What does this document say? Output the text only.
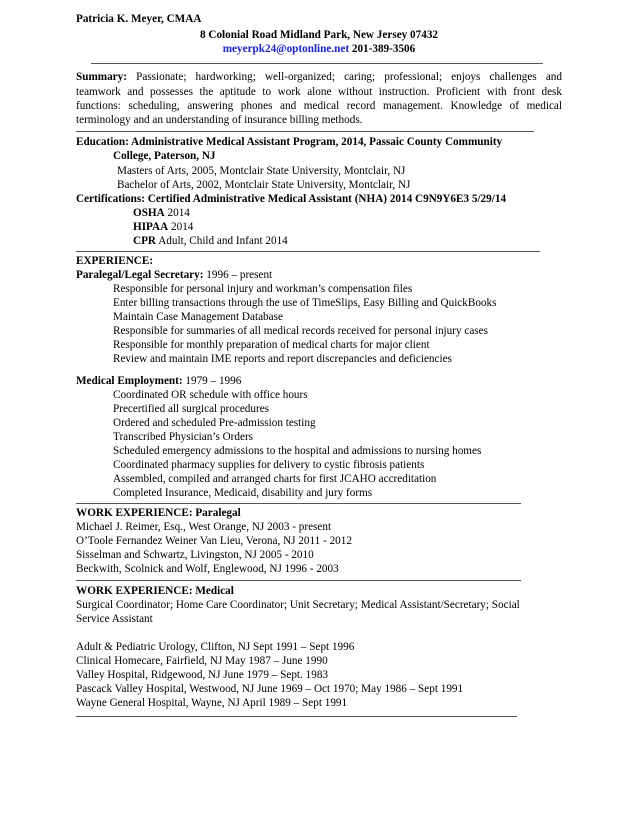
Patricia K. Meyer, CMAA
8 Colonial Road Midland Park, New Jersey 07432
meyerpk24@optonline.net 201-389-3506
Summary: Passionate; hardworking; well-organized; caring; professional; enjoys challenges and
teamwork and possesses the aptitude to work alone without instruction. Proficient with front desk
functions: scheduling, answering phones and medical record management. Knowledge of medical
terminology and an understanding of insurance billing methods.
Education: Administrative Medical Assistant Program, 2014, Passaic County Community
College, Paterson, NJ
Masters of Arts, 2005, Montclair State University, Montclair, NJ
Bachelor of Arts, 2002, Montclair State University, Montclair, NJ
Certifications: Certified Administrative Medical Assistant (NHA) 2014 C9N9Y6E3 5/29/14
OSHA 2014
HIPAA 2014
CPR Adult, Child and Infant 2014
EXPERIENCE:
Paralegal/Legal Secretary: 1996 – present
Responsible for personal injury and workman’s compensation files
Enter billing transactions through the use of TimeSlips, Easy Billing and QuickBooks
Maintain Case Management Database
Responsible for summaries of all medical records received for personal injury cases
Responsible for monthly preparation of medical charts for major client
Review and maintain IME reports and report discrepancies and deficiencies
Medical Employment: 1979 – 1996
Coordinated OR schedule with office hours
Precertified all surgical procedures
Ordered and scheduled Pre-admission testing
Transcribed Physician’s Orders
Scheduled emergency admissions to the hospital and admissions to nursing homes
Coordinated pharmacy supplies for delivery to cystic fibrosis patients
Assembled, compiled and arranged charts for first JCAHO accreditation
Completed Insurance, Medicaid, disability and jury forms
WORK EXPERIENCE: Paralegal
Michael J. Reimer, Esq., West Orange, NJ 2003 - present
O’Toole Fernandez Weiner Van Lieu, Verona, NJ 2011 - 2012
Sisselman and Schwartz, Livingston, NJ 2005 - 2010
Beckwith, Scolnick and Wolf, Englewood, NJ 1996 - 2003
WORK EXPERIENCE: Medical
Surgical Coordinator; Home Care Coordinator; Unit Secretary; Medical Assistant/Secretary; Social
Service Assistant
Adult & Pediatric Urology, Clifton, NJ Sept 1991 – Sept 1996
Clinical Homecare, Fairfield, NJ May 1987 – June 1990
Valley Hospital, Ridgewood, NJ June 1979 – Sept. 1983
Pascack Valley Hospital, Westwood, NJ June 1969 – Oct 1970; May 1986 – Sept 1991
Wayne General Hospital, Wayne, NJ April 1989 – Sept 1991
